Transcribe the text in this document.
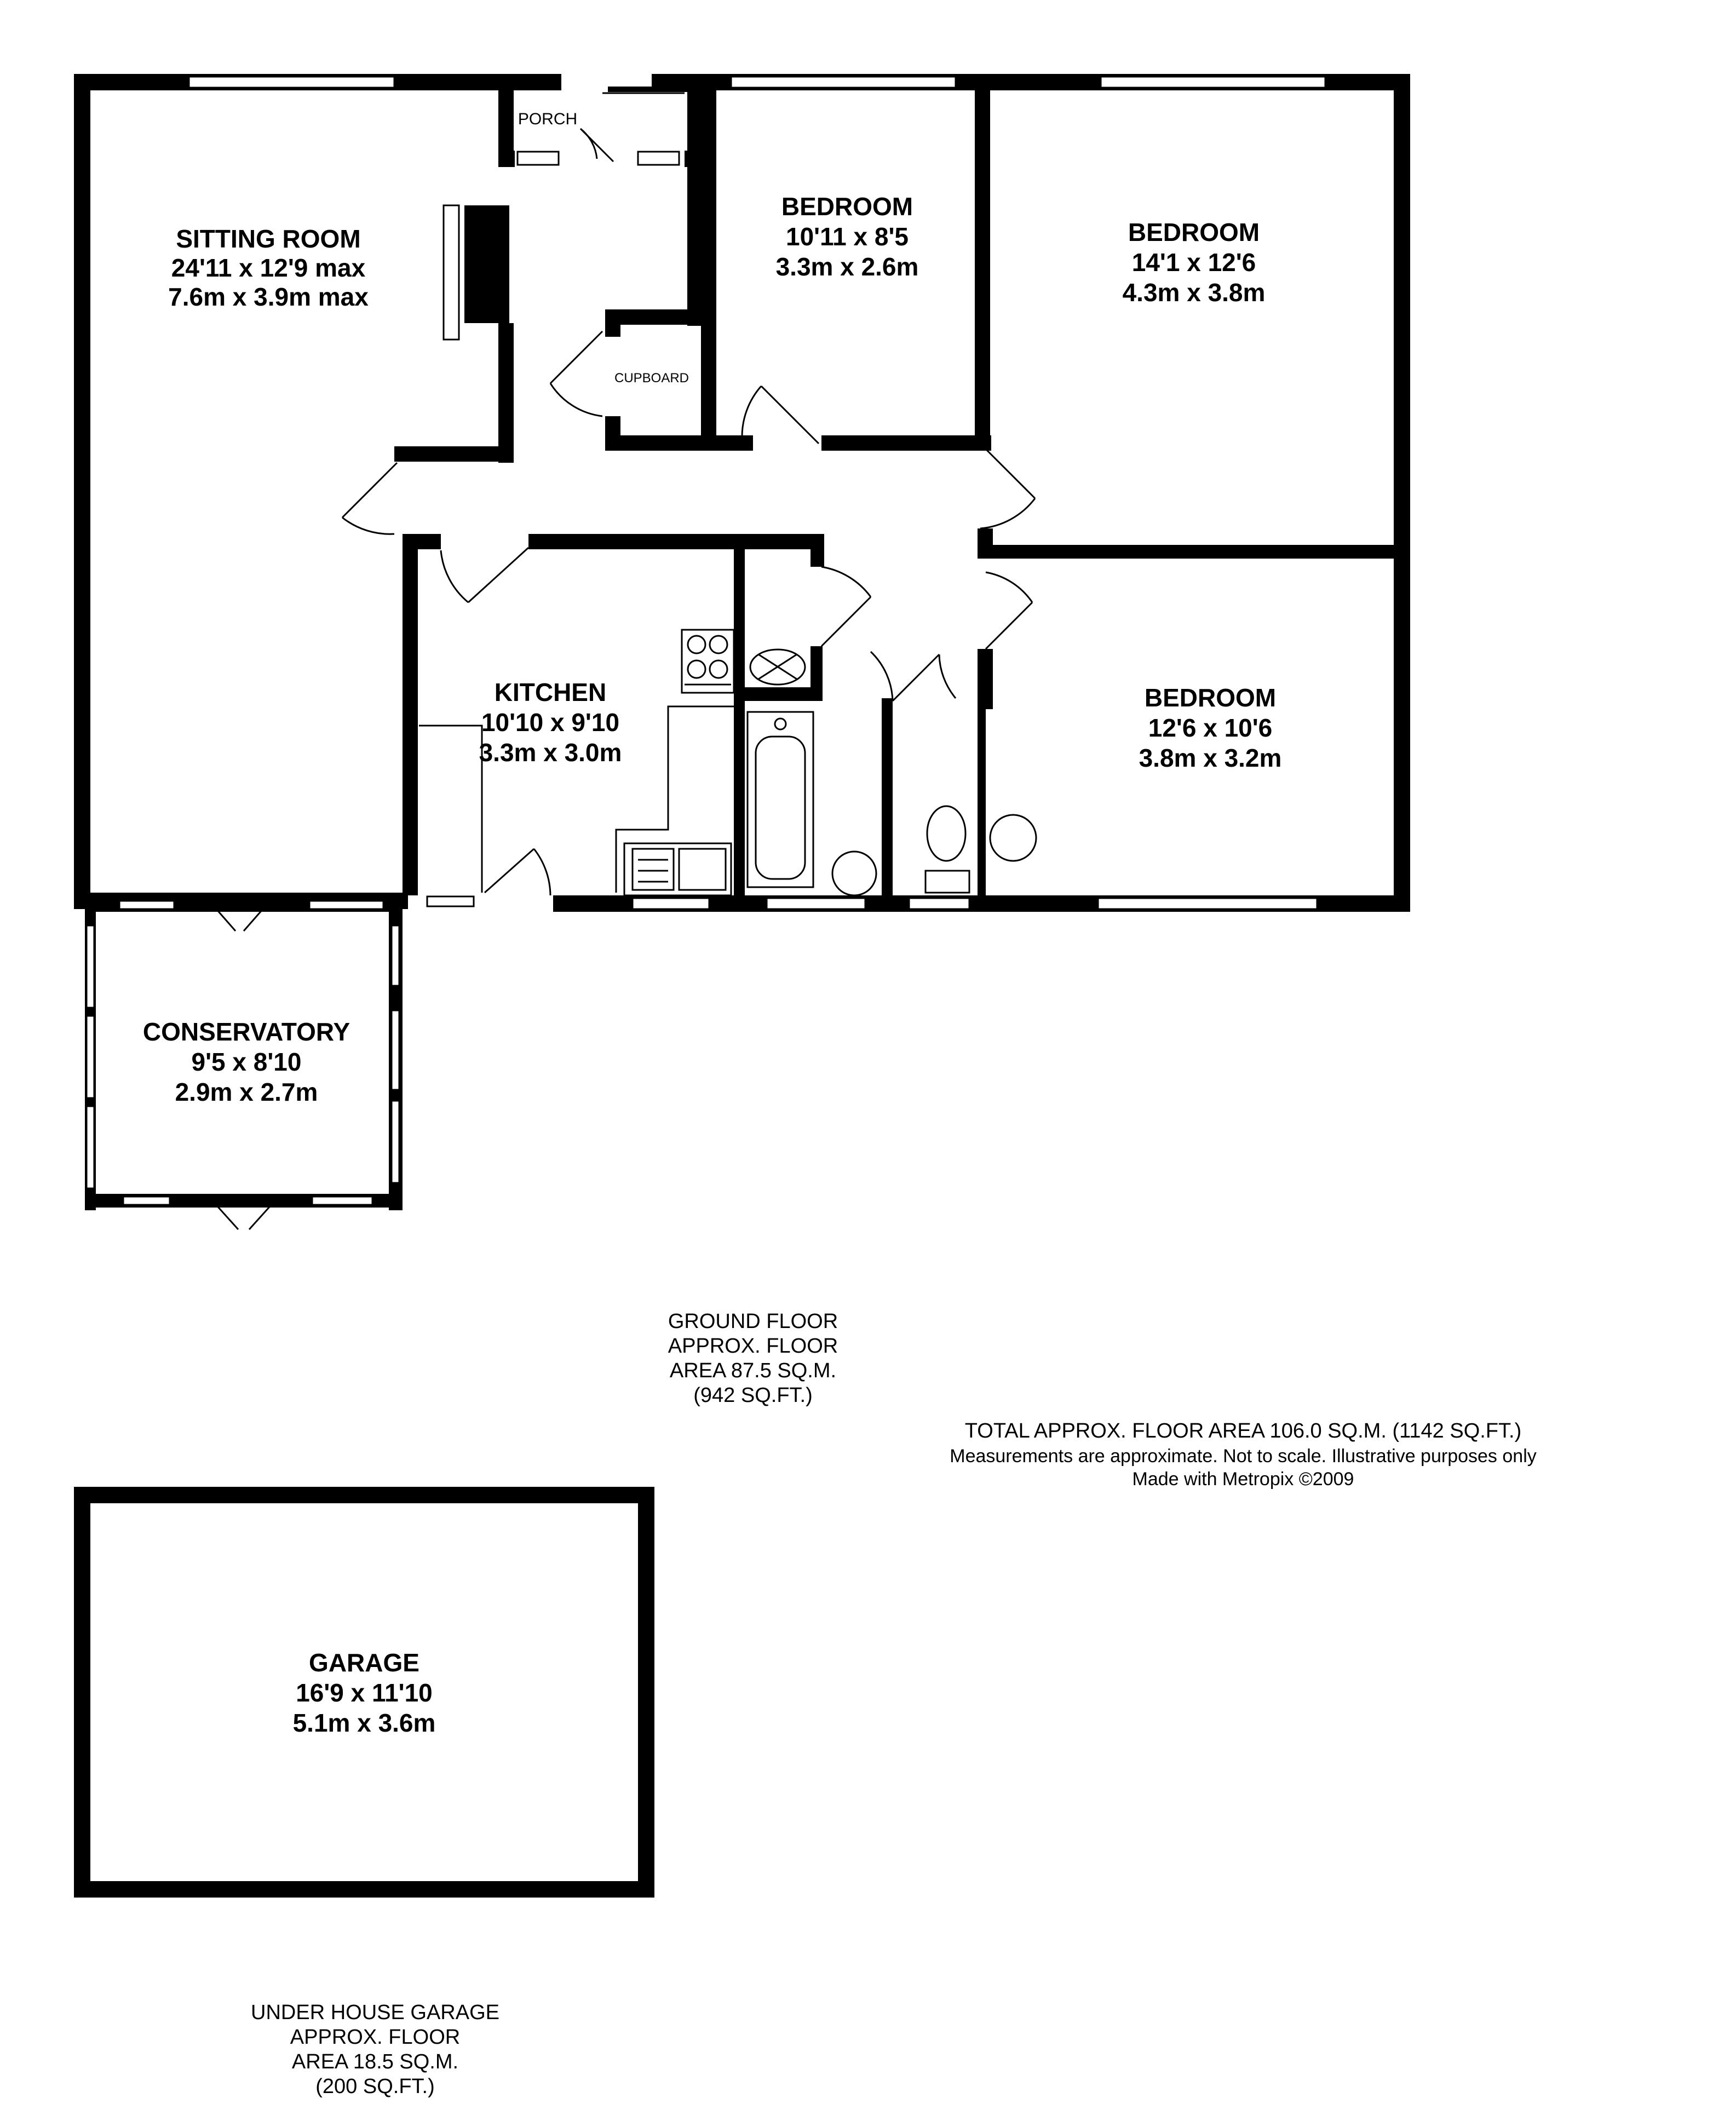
SITTING ROOM
24'11 x 12'9 max
7.6m x 3.9m max
PORCH
CUPBOARD
BEDROOM
10'11 x 8'5
3.3m x 2.6m
BEDROOM
14'1 x 12'6
4.3m x 3.8m
BEDROOM
12'6 x 10'6
3.8m x 3.2m
KITCHEN
10'10 x 9'10
3.3m x 3.0m
CONSERVATORY
9'5 x 8'10
2.9m x 2.7m
GARAGE
16'9 x 11'10
5.1m x 3.6m
GROUND FLOOR
APPROX. FLOOR
AREA 87.5 SQ.M.
(942 SQ.FT.)
TOTAL APPROX. FLOOR AREA 106.0 SQ.M. (1142 SQ.FT.)
Measurements are approximate. Not to scale. Illustrative purposes only
Made with Metropix ©2009
UNDER HOUSE GARAGE
APPROX. FLOOR
AREA 18.5 SQ.M.
(200 SQ.FT.)
